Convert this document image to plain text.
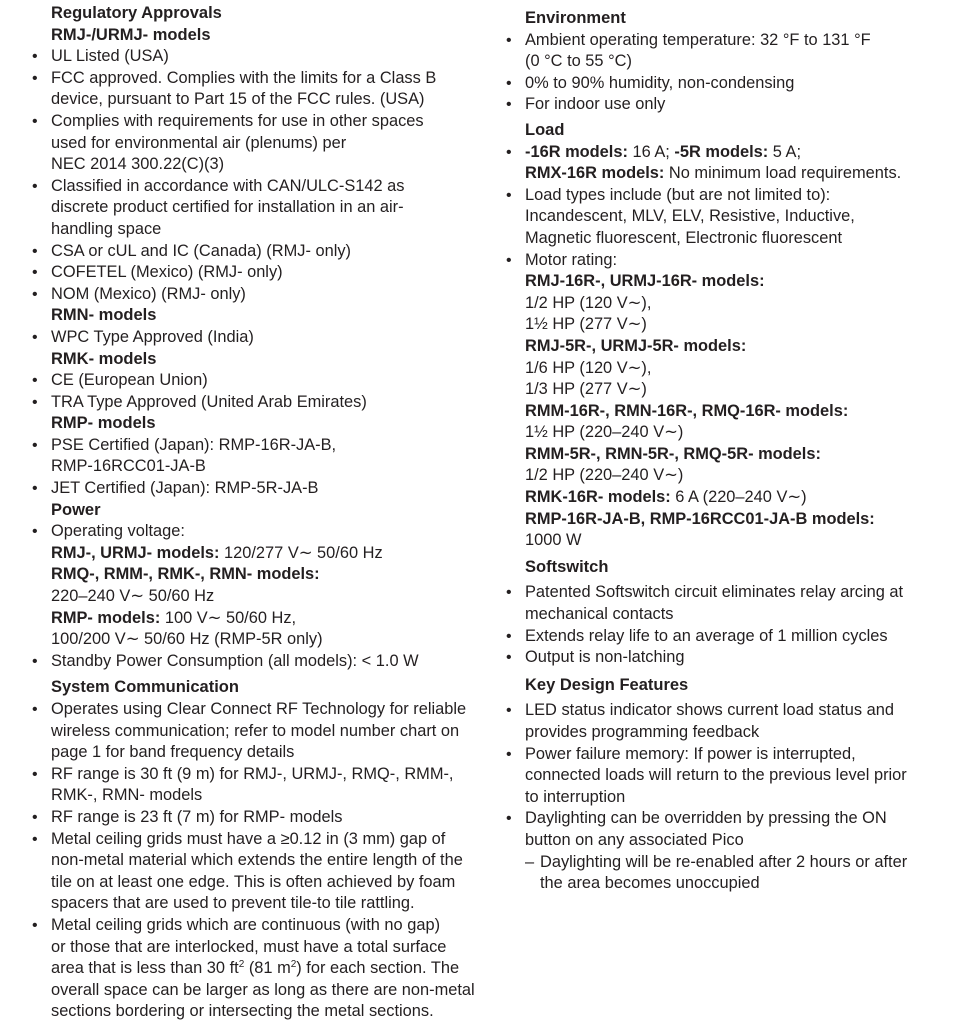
Regulatory Approvals
RMJ-/URMJ- models
• UL Listed (USA)
• FCC approved. Complies with the limits for a Class B
device, pursuant to Part 15 of the FCC rules. (USA)
• Complies with requirements for use in other spaces
used for environmental air (plenums) per
NEC 2014 300.22(C)(3)
• Classified in accordance with CAN/ULC-S142 as
discrete product certified for installation in an air-
handling space
• CSA or cUL and IC (Canada) (RMJ- only)
• COFETEL (Mexico) (RMJ- only)
• NOM (Mexico) (RMJ- only)
RMN- models
• WPC Type Approved (India)
RMK- models
• CE (European Union)
• TRA Type Approved (United Arab Emirates)
RMP- models
• PSE Certified (Japan): RMP-16R-JA-B,
RMP-16RCC01-JA-B
• JET Certified (Japan): RMP-5R-JA-B
Power
• Operating voltage:
RMJ-, URMJ- models: 120/277 V∼ 50/60 Hz
RMQ-, RMM-, RMK-, RMN- models:
220–240 V∼ 50/60 Hz
RMP- models: 100 V∼ 50/60 Hz,
100/200 V∼ 50/60 Hz (RMP-5R only)
• Standby Power Consumption (all models): < 1.0 W
System Communication
• Operates using Clear Connect RF Technology for reliable
wireless communication; refer to model number chart on
page 1 for band frequency details
• RF range is 30 ft (9 m) for RMJ-, URMJ-, RMQ-, RMM-,
RMK-, RMN- models
• RF range is 23 ft (7 m) for RMP- models
• Metal ceiling grids must have a ≥0.12 in (3 mm) gap of
non-metal material which extends the entire length of the
tile on at least one edge. This is often achieved by foam
spacers that are used to prevent tile-to tile rattling.
• Metal ceiling grids which are continuous (with no gap)
or those that are interlocked, must have a total surface
area that is less than 30 $ft^2$ (81 $m^2$) for each section. The
overall space can be larger as long as there are non-metal
sections bordering or intersecting the metal sections.
Environment
• Ambient operating temperature: 32 °F to 131 °F
(0 °C to 55 °C)
• 0% to 90% humidity, non-condensing
• For indoor use only
Load
• -16R models: 16 A; -5R models: 5 A;
RMX-16R models: No minimum load requirements.
• Load types include (but are not limited to):
Incandescent, MLV, ELV, Resistive, Inductive,
Magnetic fluorescent, Electronic fluorescent
• Motor rating:
RMJ-16R-, URMJ-16R- models:
1/2 HP (120 V∼),
1½ HP (277 V∼)
RMJ-5R-, URMJ-5R- models:
1/6 HP (120 V∼),
1/3 HP (277 V∼)
RMM-16R-, RMN-16R-, RMQ-16R- models:
1½ HP (220–240 V∼)
RMM-5R-, RMN-5R-, RMQ-5R- models:
1/2 HP (220–240 V∼)
RMK-16R- models: 6 A (220–240 V∼)
RMP-16R-JA-B, RMP-16RCC01-JA-B models:
1000 W
Softswitch
• Patented Softswitch circuit eliminates relay arcing at
mechanical contacts
• Extends relay life to an average of 1 million cycles
• Output is non-latching
Key Design Features
• LED status indicator shows current load status and
provides programming feedback
• Power failure memory: If power is interrupted,
connected loads will return to the previous level prior
to interruption
• Daylighting can be overridden by pressing the ON
button on any associated Pico
– Daylighting will be re-enabled after 2 hours or after
the area becomes unoccupied
